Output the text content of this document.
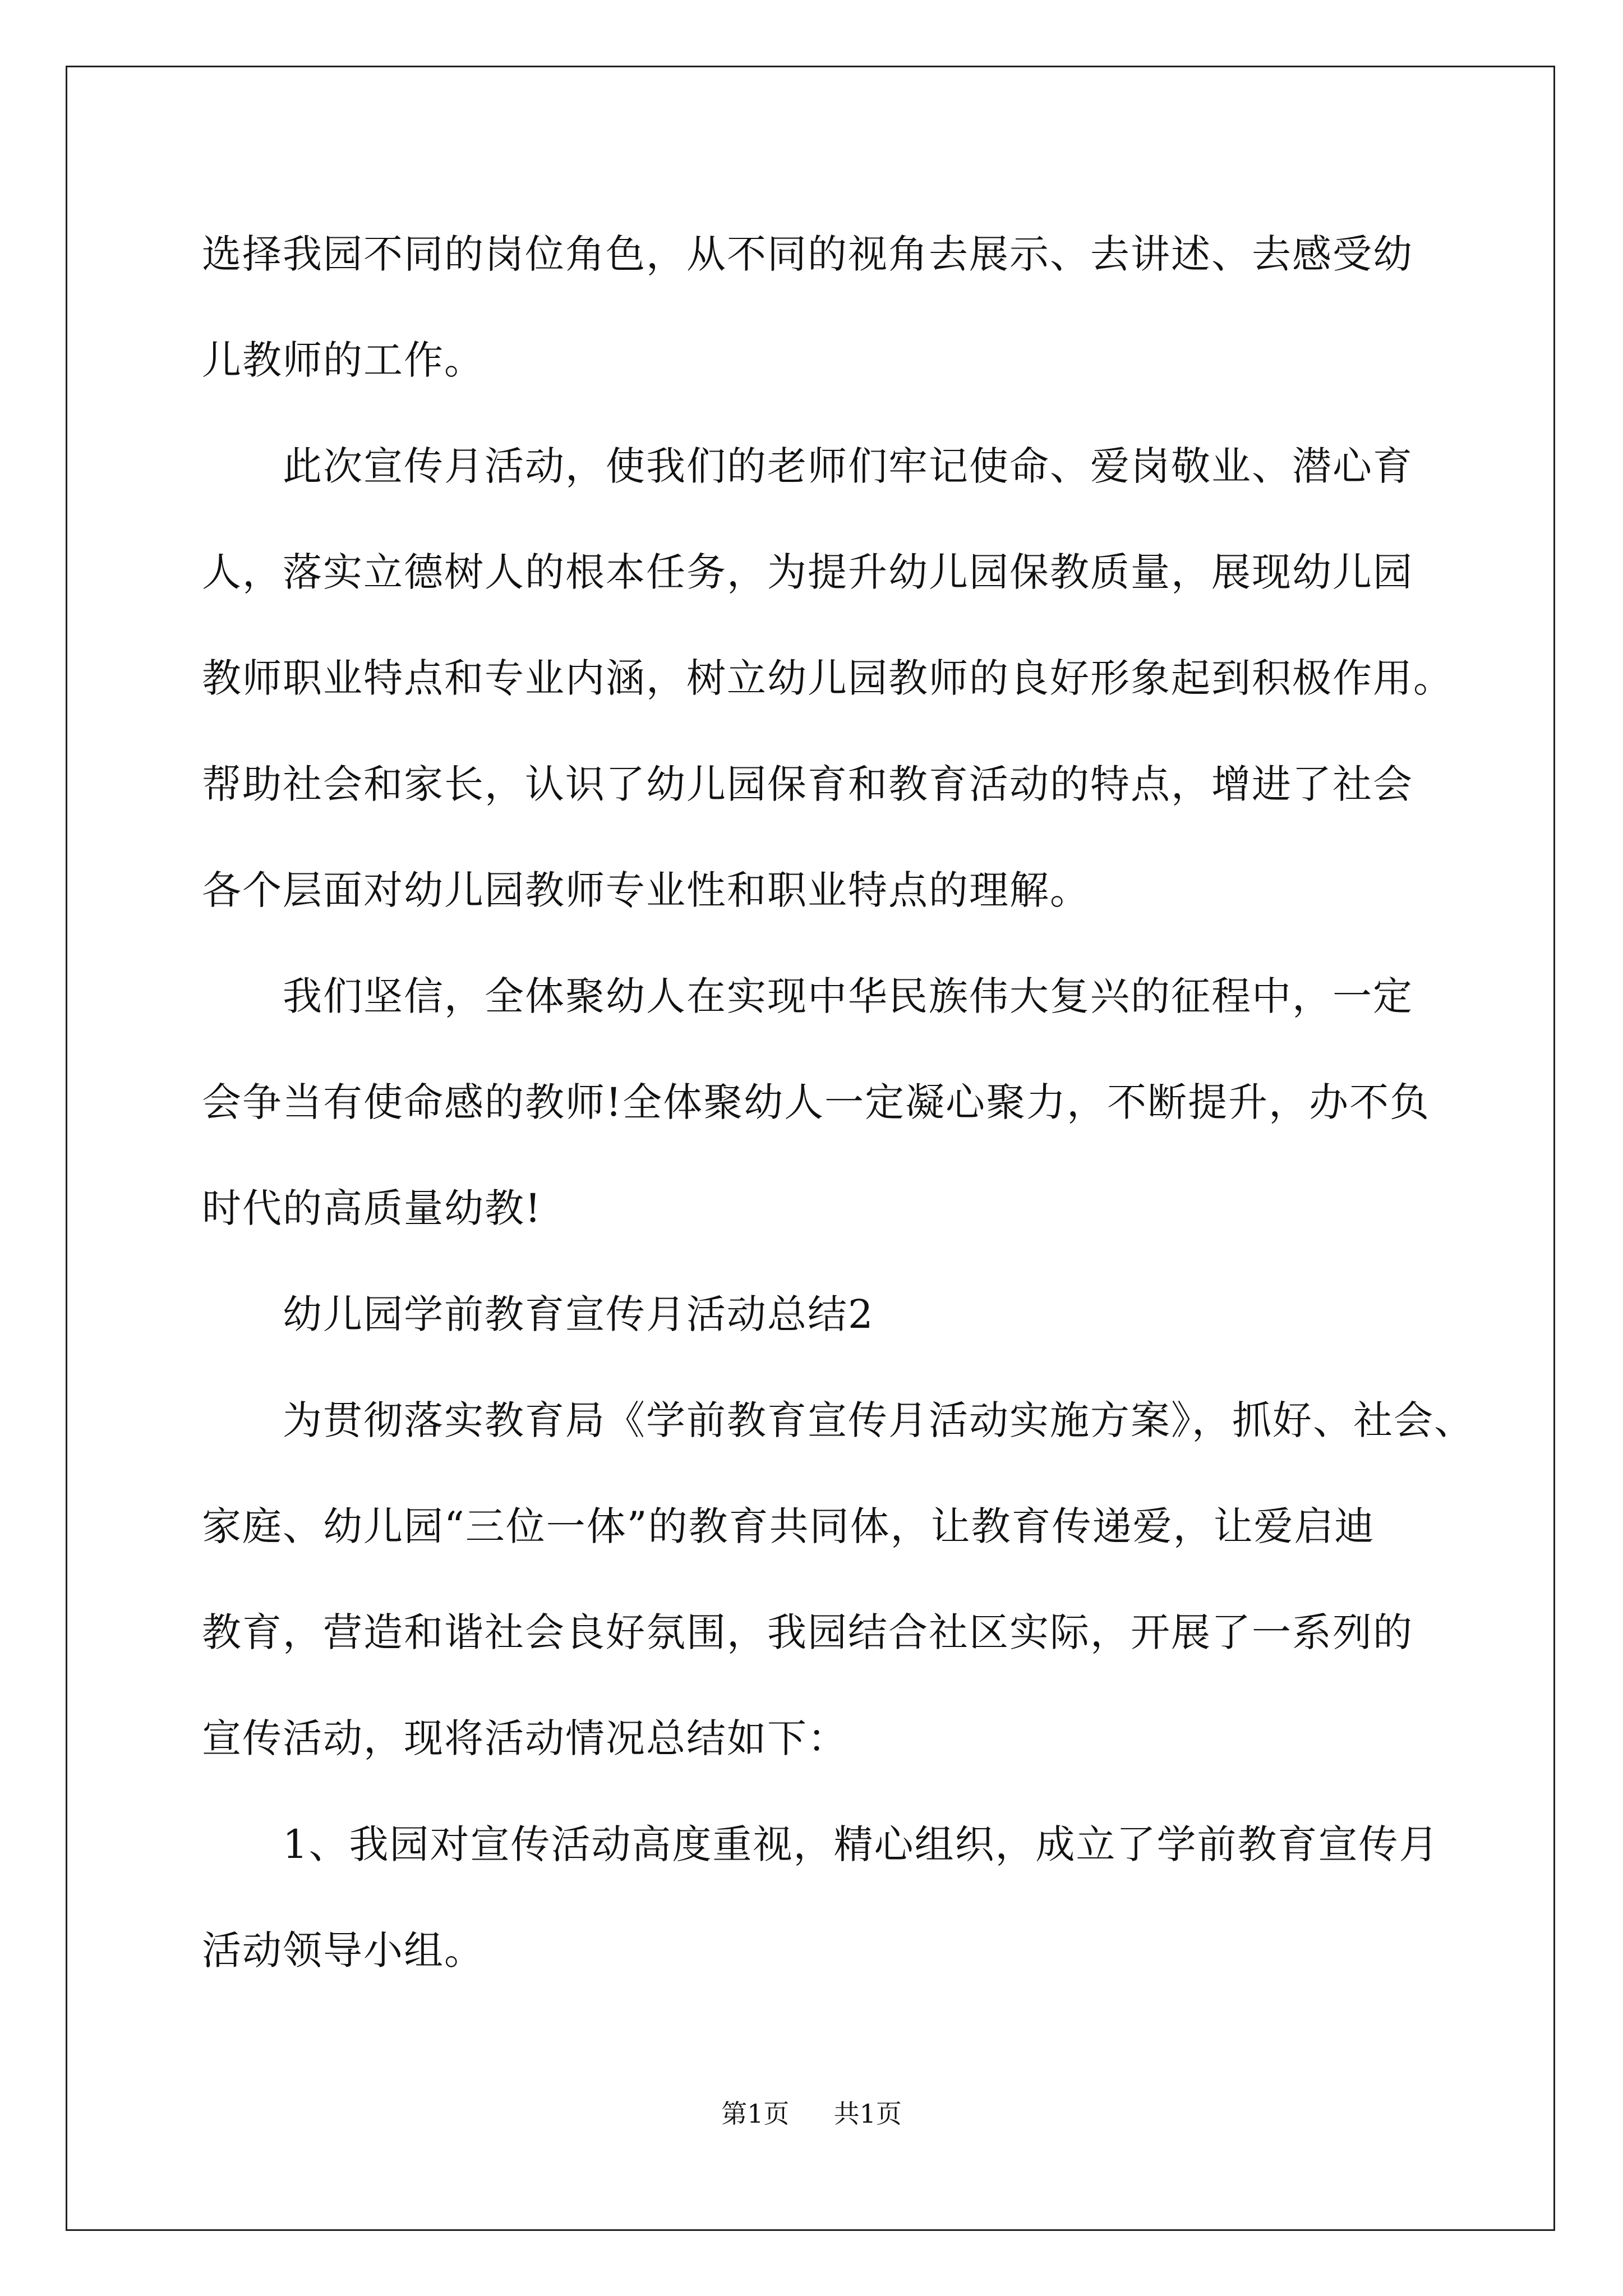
选择我园不同的岗位角色，从不同的视角去展示、去讲述、去感受幼
儿教师的工作。
此次宣传月活动，使我们的老师们牢记使命、爱岗敬业、潜心育
人，落实立德树人的根本任务，为提升幼儿园保教质量，展现幼儿园
教师职业特点和专业内涵，树立幼儿园教师的良好形象起到积极作用。
帮助社会和家长，认识了幼儿园保育和教育活动的特点，增进了社会
各个层面对幼儿园教师专业性和职业特点的理解。
我们坚信，全体聚幼人在实现中华民族伟大复兴的征程中，一定
会争当有使命感的教师!全体聚幼人一定凝心聚力，不断提升，办不负
时代的高质量幼教!
幼儿园学前教育宣传月活动总结2
为贯彻落实教育局《学前教育宣传月活动实施方案》，抓好、社会、
家庭、幼儿园“三位一体”的教育共同体，让教育传递爱，让爱启迪
教育，营造和谐社会良好氛围，我园结合社区实际，开展了一系列的
宣传活动，现将活动情况总结如下：
1、我园对宣传活动高度重视，精心组织，成立了学前教育宣传月
活动领导小组。
第1页 共1页
